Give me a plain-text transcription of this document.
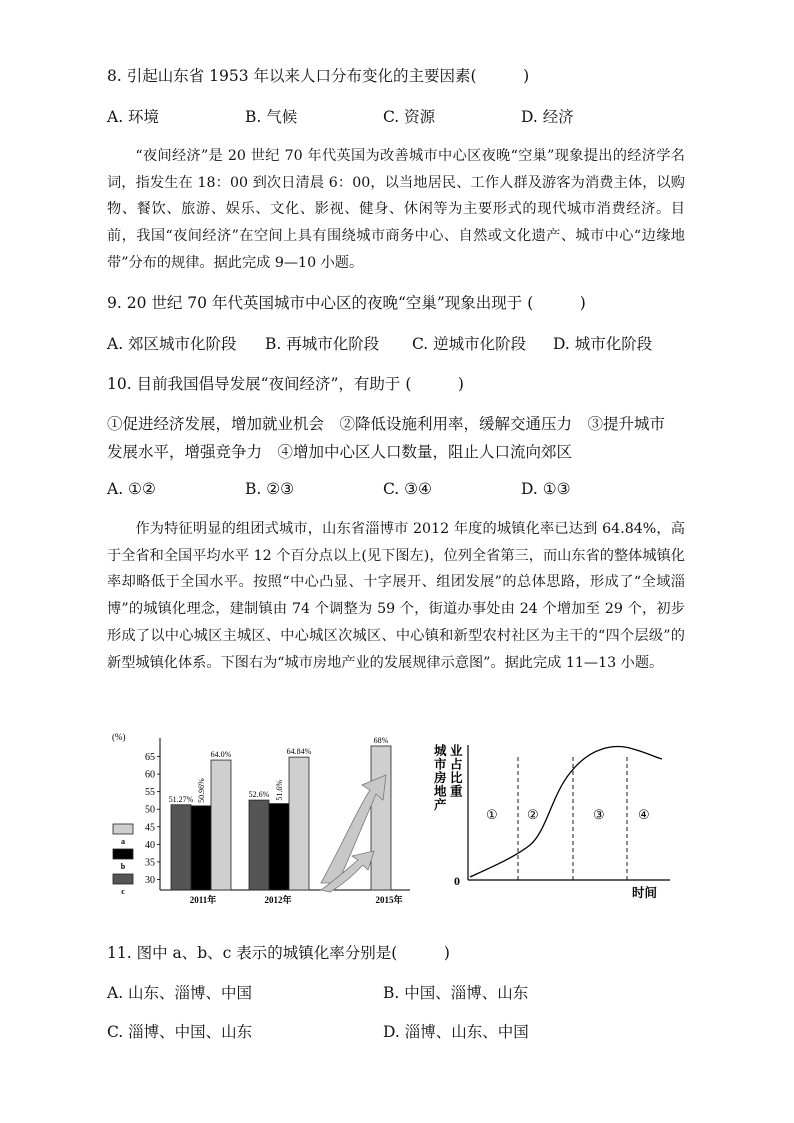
8. 引起山东省 1953 年以来人口分布变化的主要因素(　　　)
A. 环境	B. 气候	C. 资源	D. 经济

“夜间经济”是 20 世纪 70 年代英国为改善城市中心区夜晚“空巢”现象提出的经济学名词，指发生在 18：00 到次日清晨 6：00，以当地居民、工作人群及游客为消费主体，以购物、餐饮、旅游、娱乐、文化、影视、健身、休闲等为主要形式的现代城市消费经济。目前，我国“夜间经济”在空间上具有围绕城市商务中心、自然或文化遗产、城市中心“边缘地带”分布的规律。据此完成 9—10 小题。

9. 20 世纪 70 年代英国城市中心区的夜晚“空巢”现象出现于 (　　　)
A. 郊区城市化阶段 B. 再城市化阶段 C. 逆城市化阶段 D. 城市化阶段
10. 目前我国倡导发展“夜间经济”，有助于 (　　　)
①促进经济发展，增加就业机会　②降低设施利用率，缓解交通压力　③提升城市
发展水平，增强竞争力　④增加中心区人口数量，阻止人口流向郊区
A. ①②	B. ②③	C. ③④	D. ①③

作为特征明显的组团式城市，山东省淄博市 2012 年度的城镇化率已达到 64.84%，高于全省和全国平均水平 12 个百分点以上(见下图左)，位列全省第三，而山东省的整体城镇化率却略低于全国水平。按照“中心凸显、十字展开、组团发展”的总体思路，形成了“全域淄博”的城镇化理念，建制镇由 74 个调整为 59 个，街道办事处由 24 个增加至 29 个，初步形成了以中心城区主城区、中心城区次城区、中心镇和新型农村社区为主干的“四个层级”的新型城镇化体系。下图右为“城市房地产业的发展规律示意图”。据此完成 11—13 小题。

(%)
30
35
40
45
50
55
60
65
51.27% 50.96%
64.0%
52.6% 51.6%
64.84%
68%
2011年	2012年	2015年
a
b
c
城
市
房
地
产
业
占
比
重
0
时间
① ②	③	④
11. 图中 a、b、c 表示的城镇化率分别是(　　　)
A. 山东、淄博、中国	B. 中国、淄博、山东
C. 淄博、中国、山东	D. 淄博、山东、中国
